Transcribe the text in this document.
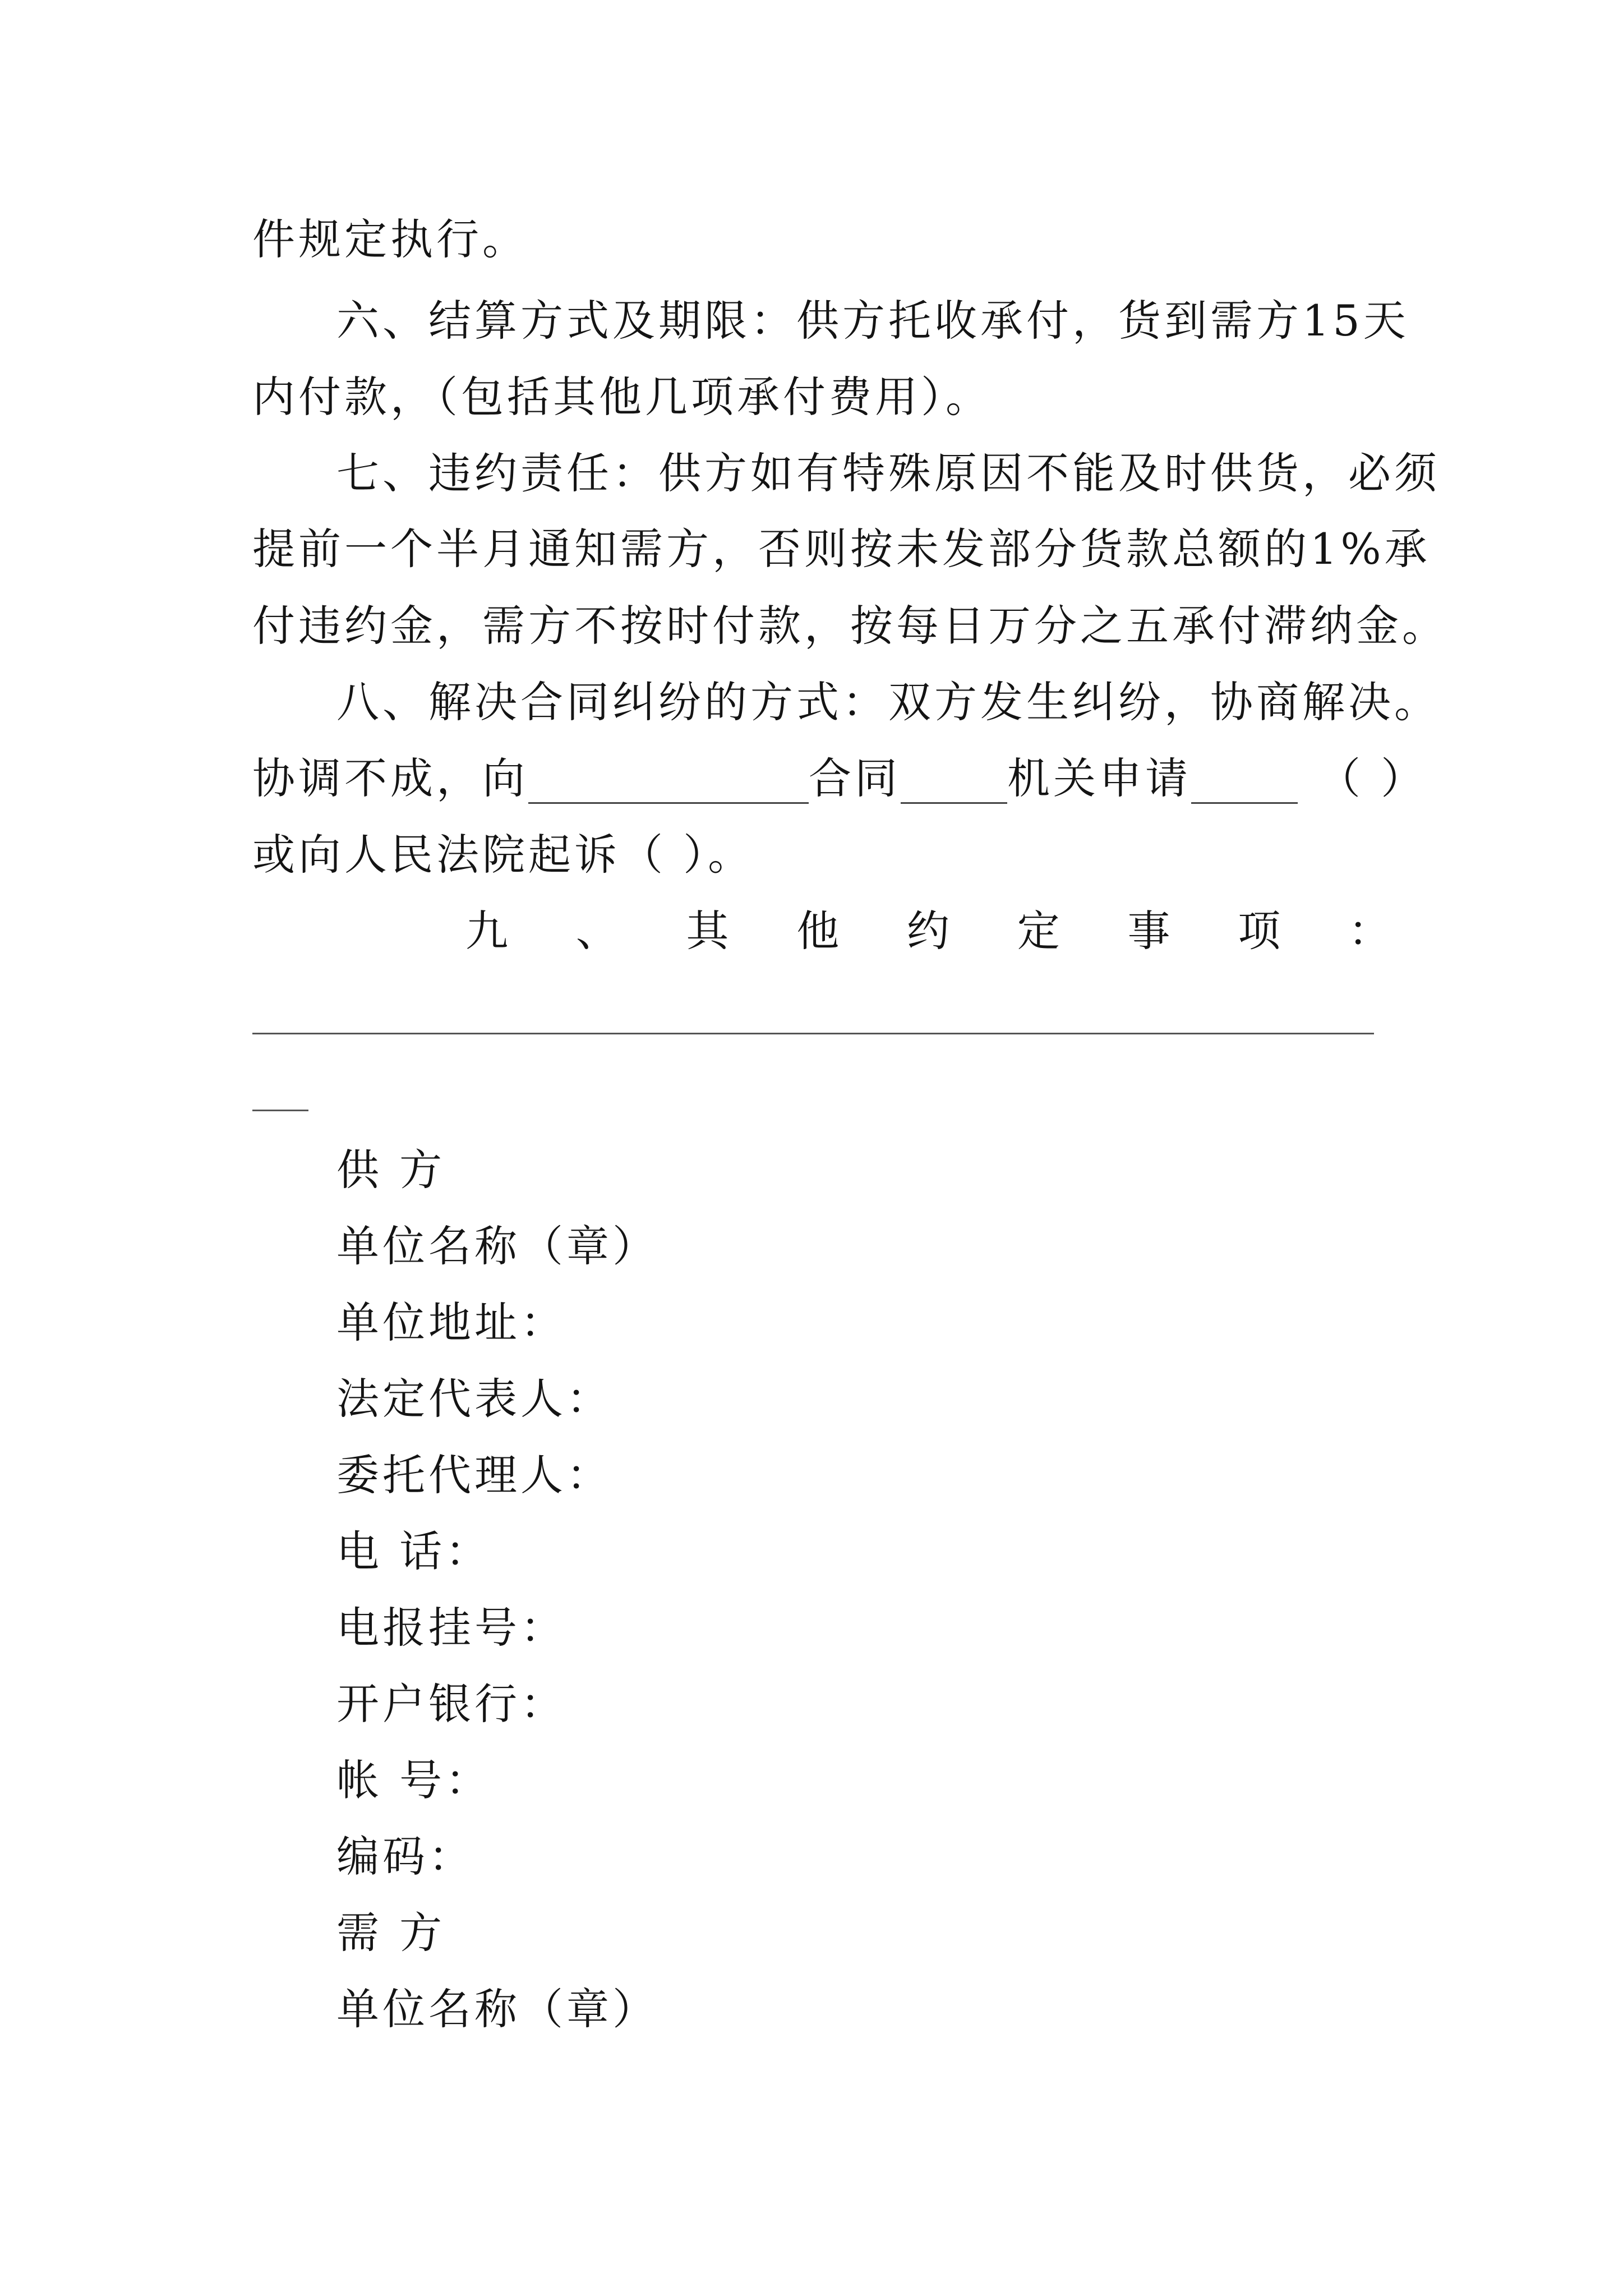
件规定执行。
六、结算方式及期限：供方托收承付，货到需方15天
内付款，（包括其他几项承付费用）。
七、违约责任：供方如有特殊原因不能及时供货，必须
提前一个半月通知需方，否则按未发部分货款总额的1%承
付违约金，需方不按时付款，按每日万分之五承付滞纳金。
八、解决合同纠纷的方式：双方发生纠纷，协商解决。
协调不成，向	合同	机关申请	（ ）
或向人民法院起诉（ ）。
九 、 其 他 约 定 事 项 ：
供 方
单位名称（章）
单位地址：
法定代表人：
委托代理人：
电 话：
电报挂号：
开户银行：
帐 号：
编码：
需 方
单位名称（章）
